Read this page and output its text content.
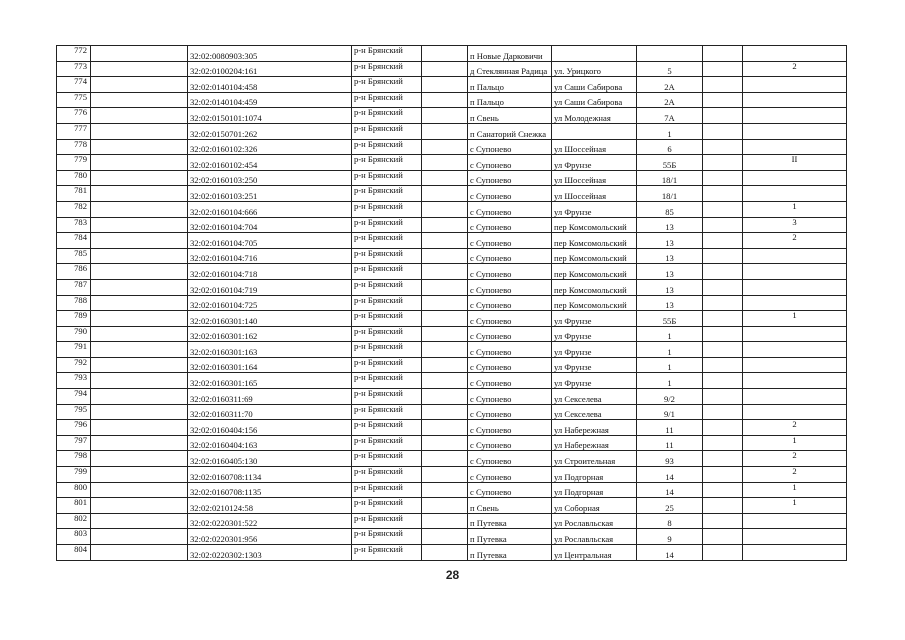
772		32:02:0080903:305	р-н Брянский		п Новые Дарковичи				
773		32:02:0100204:161	р-н Брянский		д Стеклянная Радица	ул. Урицкого	5		2
774		32:02:0140104:458	р-н Брянский		п Пальцо	ул Саши Сабирова	2А		
775		32:02:0140104:459	р-н Брянский		п Пальцо	ул Саши Сабирова	2А		
776		32:02:0150101:1074	р-н Брянский		п Свень	ул Молодежная	7А		
777		32:02:0150701:262	р-н Брянский		п Санаторий Снежка		1		
778		32:02:0160102:326	р-н Брянский		с Супонево	ул Шоссейная	6		
779		32:02:0160102:454	р-н Брянский		с Супонево	ул Фрунзе	55Б		II
780		32:02:0160103:250	р-н Брянский		с Супонево	ул Шоссейная	18/1		
781		32:02:0160103:251	р-н Брянский		с Супонево	ул Шоссейная	18/1		
782		32:02:0160104:666	р-н Брянский		с Супонево	ул Фрунзе	85		1
783		32:02:0160104:704	р-н Брянский		с Супонево	пер Комсомольский	13		3
784		32:02:0160104:705	р-н Брянский		с Супонево	пер Комсомольский	13		2
785		32:02:0160104:716	р-н Брянский		с Супонево	пер Комсомольский	13		
786		32:02:0160104:718	р-н Брянский		с Супонево	пер Комсомольский	13		
787		32:02:0160104:719	р-н Брянский		с Супонево	пер Комсомольский	13		
788		32:02:0160104:725	р-н Брянский		с Супонево	пер Комсомольский	13		
789		32:02:0160301:140	р-н Брянский		с Супонево	ул Фрунзе	55Б		1
790		32:02:0160301:162	р-н Брянский		с Супонево	ул Фрунзе	1		
791		32:02:0160301:163	р-н Брянский		с Супонево	ул Фрунзе	1		
792		32:02:0160301:164	р-н Брянский		с Супонево	ул Фрунзе	1		
793		32:02:0160301:165	р-н Брянский		с Супонево	ул Фрунзе	1		
794		32:02:0160311:69	р-н Брянский		с Супонево	ул Секселева	9/2		
795		32:02:0160311:70	р-н Брянский		с Супонево	ул Секселева	9/1		
796		32:02:0160404:156	р-н Брянский		с Супонево	ул Набережная	11		2
797		32:02:0160404:163	р-н Брянский		с Супонево	ул Набережная	11		1
798		32:02:0160405:130	р-н Брянский		с Супонево	ул Строительная	93		2
799		32:02:0160708:1134	р-н Брянский		с Супонево	ул Подгорная	14		2
800		32:02:0160708:1135	р-н Брянский		с Супонево	ул Подгорная	14		1
801		32:02:0210124:58	р-н Брянский		п Свень	ул Соборная	25		1
802		32:02:0220301:522	р-н Брянский		п Путевка	ул Рославльская	8		
803		32:02:0220301:956	р-н Брянский		п Путевка	ул Рославльская	9		
804		32:02:0220302:1303	р-н Брянский		п Путевка	ул Центральная	14		
28
